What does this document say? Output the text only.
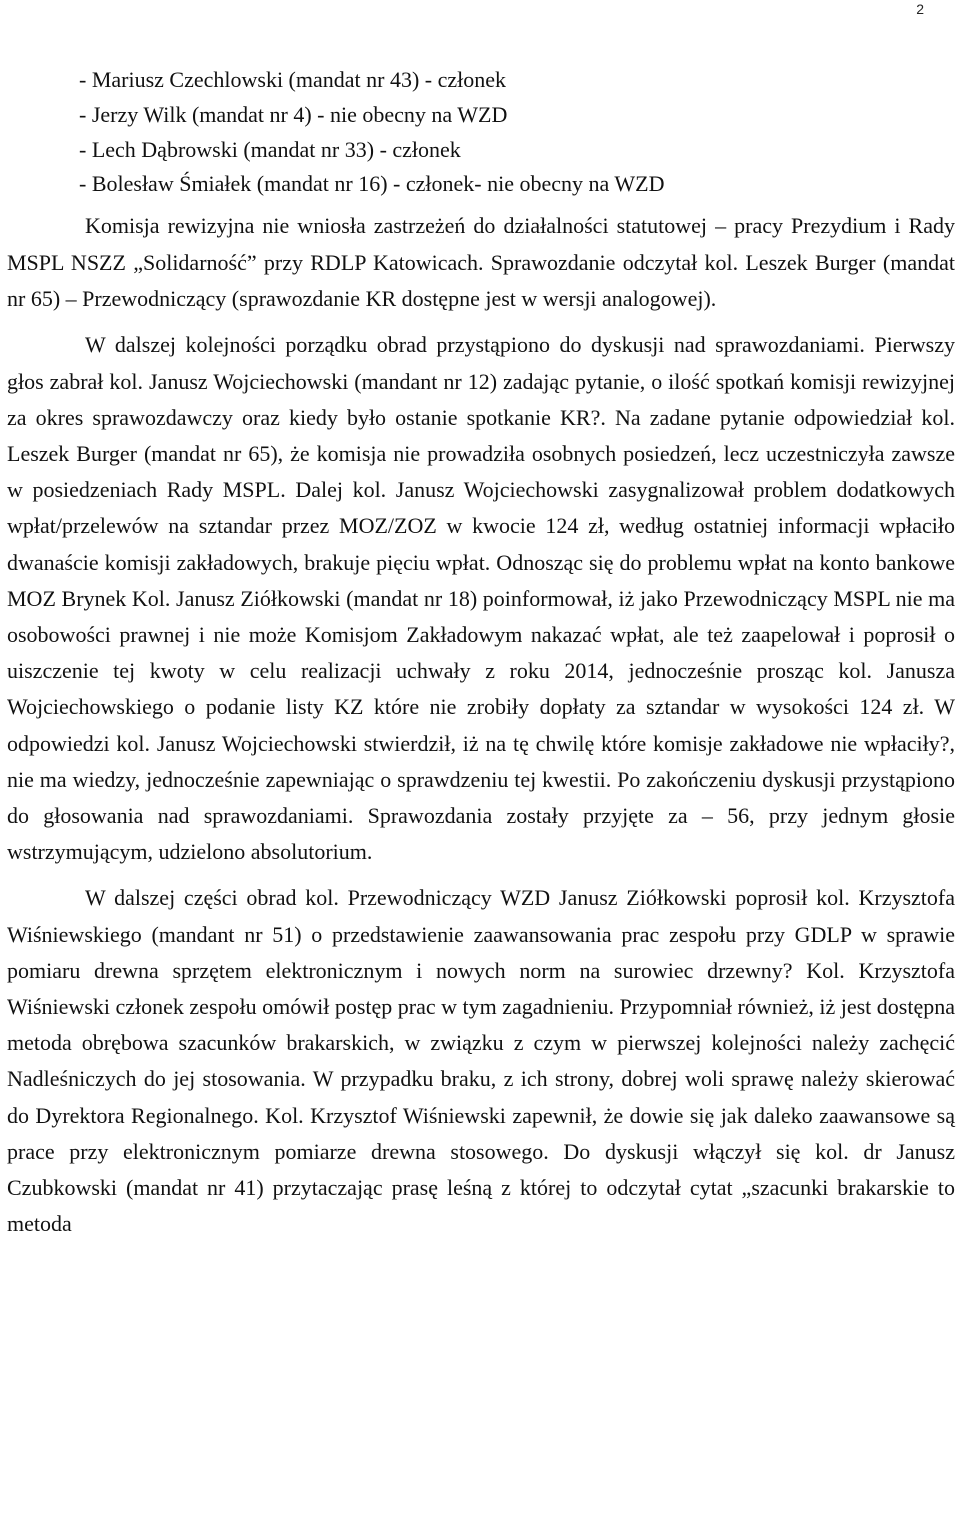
2
- Mariusz Czechlowski (mandat nr 43) - członek
- Jerzy Wilk (mandat nr 4) - nie obecny na WZD
- Lech Dąbrowski (mandat nr 33) - członek
- Bolesław Śmiałek (mandat nr 16) - członek- nie obecny na WZD

Komisja rewizyjna nie wniosła zastrzeżeń do działalności statutowej – pracy Prezydium i Rady MSPL NSZZ „Solidarność” przy RDLP Katowicach. Sprawozdanie odczytał kol. Leszek Burger (mandat nr 65) – Przewodniczący (sprawozdanie KR dostępne jest w wersji analogowej).

W dalszej kolejności porządku obrad przystąpiono do dyskusji nad sprawozdaniami. Pierwszy głos zabrał kol. Janusz Wojciechowski (mandant nr 12) zadając pytanie, o ilość spotkań komisji rewizyjnej za okres sprawozdawczy oraz kiedy było ostanie spotkanie KR?. Na zadane pytanie odpowiedział kol. Leszek Burger (mandat nr 65), że komisja nie prowadziła osobnych posiedzeń, lecz uczestniczyła zawsze w posiedzeniach Rady MSPL. Dalej kol. Janusz Wojciechowski zasygnalizował problem dodatkowych wpłat/przelewów na sztandar przez MOZ/ZOZ w kwocie 124 zł, według ostatniej informacji wpłaciło dwanaście komisji zakładowych, brakuje pięciu wpłat. Odnosząc się do problemu wpłat na konto bankowe MOZ Brynek Kol. Janusz Ziółkowski (mandat nr 18) poinformował, iż jako Przewodniczący MSPL nie ma osobowości prawnej i nie może Komisjom Zakładowym nakazać wpłat, ale też zaapelował i poprosił o uiszczenie tej kwoty w celu realizacji uchwały z roku 2014, jednocześnie prosząc kol. Janusza Wojciechowskiego o podanie listy KZ które nie zrobiły dopłaty za sztandar w wysokości 124 zł. W odpowiedzi kol. Janusz Wojciechowski stwierdził, iż na tę chwilę które komisje zakładowe nie wpłaciły?, nie ma wiedzy, jednocześnie zapewniając o sprawdzeniu tej kwestii. Po zakończeniu dyskusji przystąpiono do głosowania nad sprawozdaniami. Sprawozdania zostały przyjęte za – 56, przy jednym głosie wstrzymującym, udzielono absolutorium.

W dalszej części obrad kol. Przewodniczący WZD Janusz Ziółkowski poprosił kol. Krzysztofa Wiśniewskiego (mandant nr 51) o przedstawienie zaawansowania prac zespołu przy GDLP w sprawie pomiaru drewna sprzętem elektronicznym i nowych norm na surowiec drzewny? Kol. Krzysztofa Wiśniewski członek zespołu omówił postęp prac w tym zagadnieniu. Przypomniał również, iż jest dostępna metoda obrębowa szacunków brakarskich, w związku z czym w pierwszej kolejności należy zachęcić Nadleśniczych do jej stosowania. W przypadku braku, z ich strony, dobrej woli sprawę należy skierować do Dyrektora Regionalnego. Kol. Krzysztof Wiśniewski zapewnił, że dowie się jak daleko zaawansowe są prace przy elektronicznym pomiarze drewna stosowego. Do dyskusji włączył się kol. dr Janusz Czubkowski (mandat nr 41) przytaczając prasę leśną z której to odczytał cytat „szacunki brakarskie to metoda
